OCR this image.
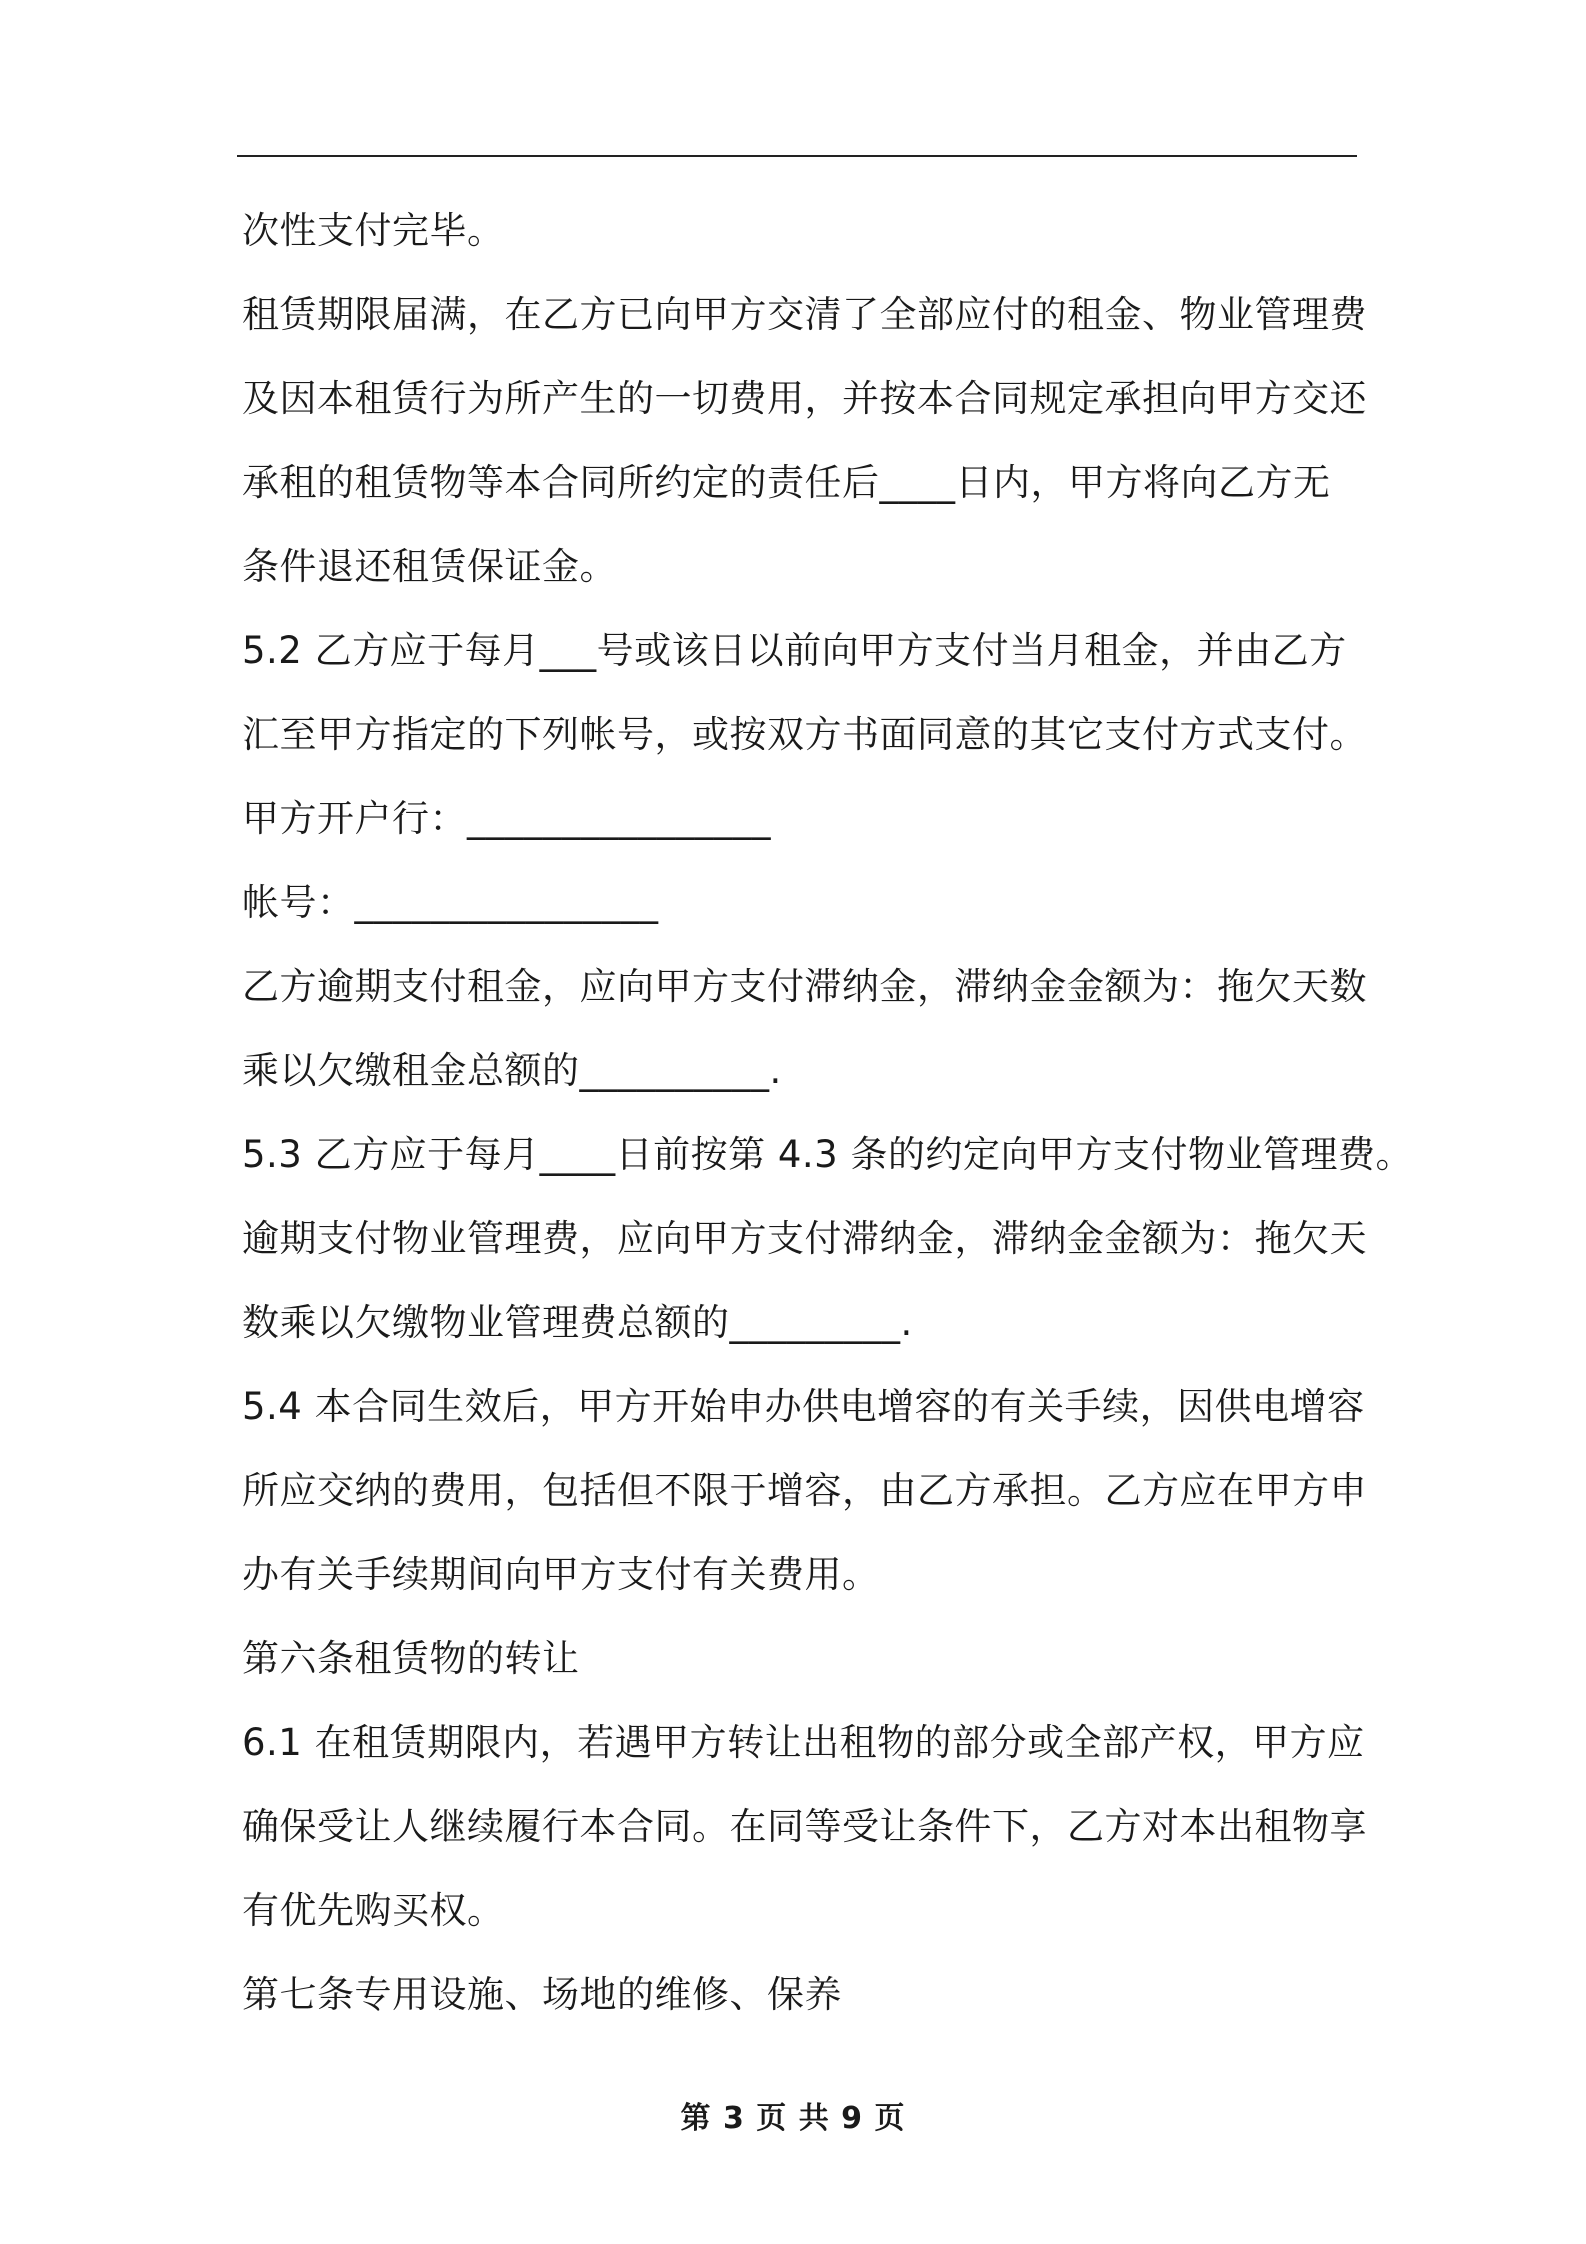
次性支付完毕。
租赁期限届满，在乙方已向甲方交清了全部应付的租金、物业管理费
及因本租赁行为所产生的一切费用，并按本合同规定承担向甲方交还
承租的租赁物等本合同所约定的责任后____日内，甲方将向乙方无
条件退还租赁保证金。
5.2 乙方应于每月___号或该日以前向甲方支付当月租金，并由乙方
汇至甲方指定的下列帐号，或按双方书面同意的其它支付方式支付。
甲方开户行：________________
帐号：________________
乙方逾期支付租金，应向甲方支付滞纳金，滞纳金金额为：拖欠天数
乘以欠缴租金总额的__________.
5.3 乙方应于每月____日前按第 4.3 条的约定向甲方支付物业管理费。
逾期支付物业管理费，应向甲方支付滞纳金，滞纳金金额为：拖欠天
数乘以欠缴物业管理费总额的_________.
5.4 本合同生效后，甲方开始申办供电增容的有关手续，因供电增容
所应交纳的费用，包括但不限于增容，由乙方承担。乙方应在甲方申
办有关手续期间向甲方支付有关费用。
第六条租赁物的转让
6.1 在租赁期限内，若遇甲方转让出租物的部分或全部产权，甲方应
确保受让人继续履行本合同。在同等受让条件下，乙方对本出租物享
有优先购买权。
第七条专用设施、场地的维修、保养
第 3 页 共 9 页
